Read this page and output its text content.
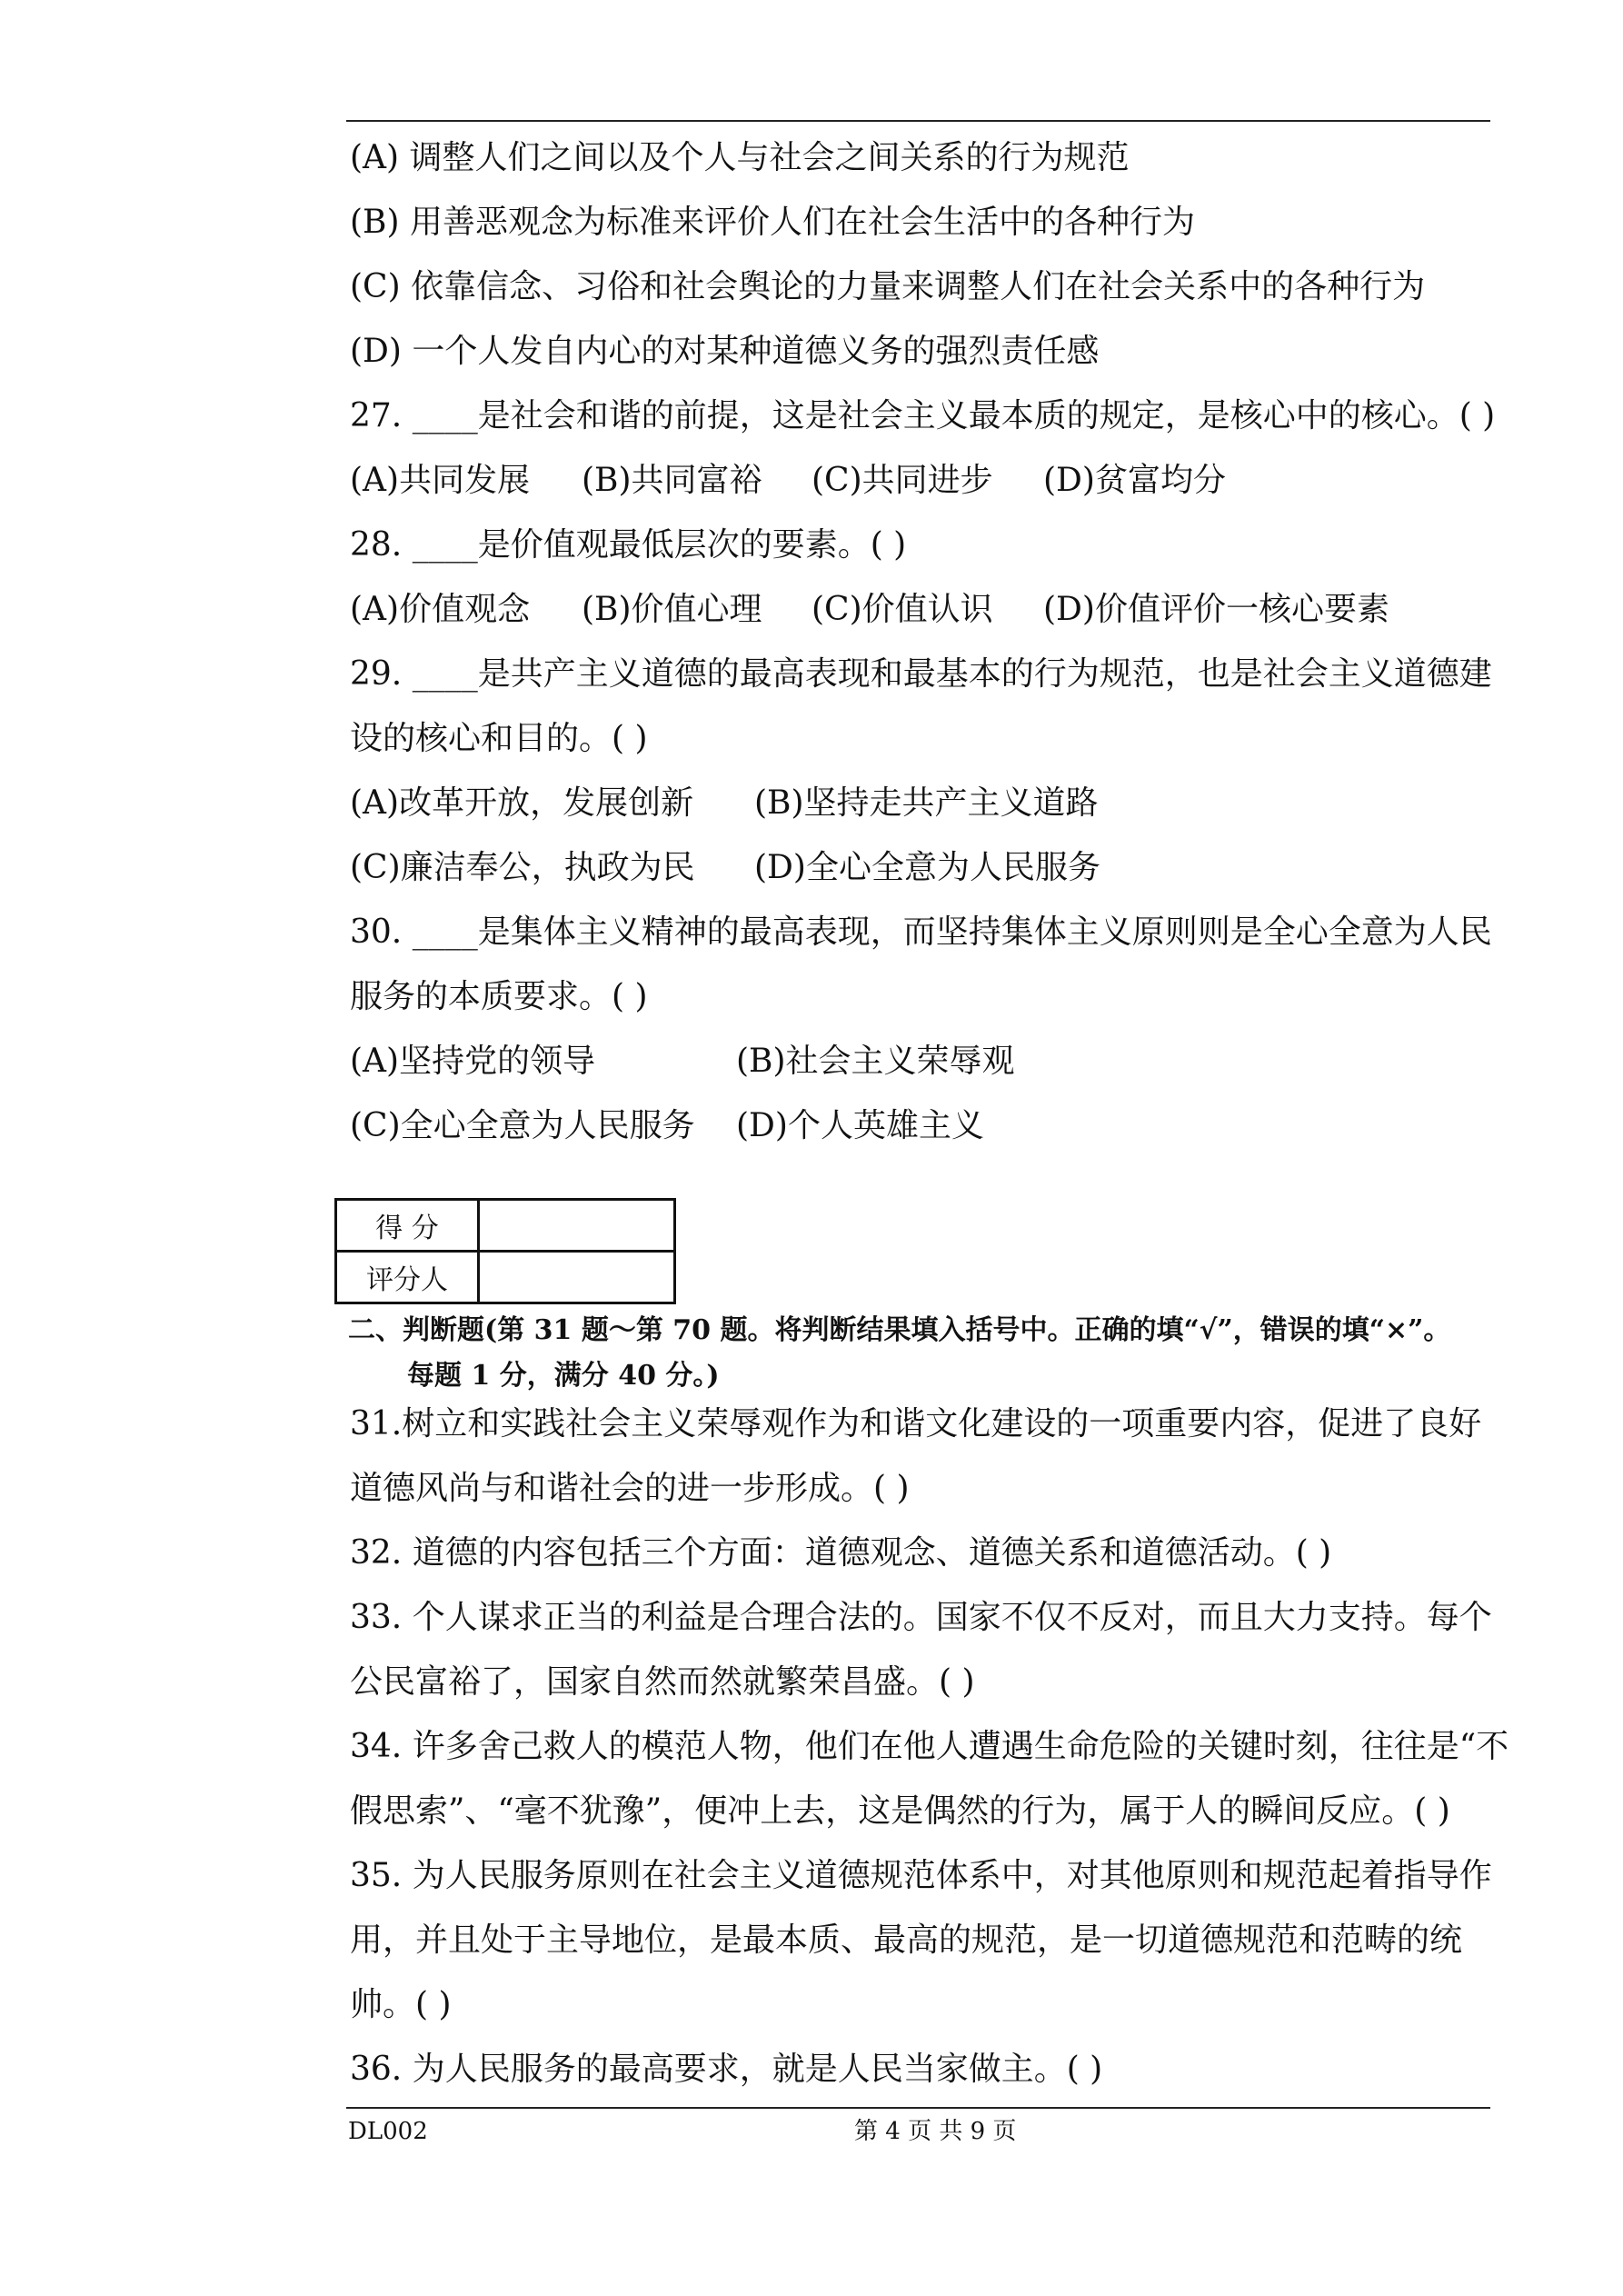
(A) 调整人们之间以及个人与社会之间关系的行为规范
(B) 用善恶观念为标准来评价人们在社会生活中的各种行为
(C) 依靠信念、习俗和社会舆论的力量来调整人们在社会关系中的各种行为
(D) 一个人发自内心的对某种道德义务的强烈责任感
27. ____是社会和谐的前提，这是社会主义最本质的规定，是核心中的核心。( )
(A)共同发展 (B)共同富裕 (C)共同进步 (D)贫富均分
28. ____是价值观最低层次的要素。( )
(A)价值观念 (B)价值心理 (C)价值认识 (D)价值评价一核心要素
29. ____是共产主义道德的最高表现和最基本的行为规范，也是社会主义道德建
设的核心和目的。( )
(A)改革开放，发展创新 (B)坚持走共产主义道路
(C)廉洁奉公，执政为民 (D)全心全意为人民服务
30. ____是集体主义精神的最高表现，而坚持集体主义原则则是全心全意为人民
服务的本质要求。( )
(A)坚持党的领导	(B)社会主义荣辱观
(C)全心全意为人民服务 (D)个人英雄主义
得 分	
评分人	
二、判断题(第 31 题～第 70 题。将判断结果填入括号中。正确的填“√”，错误的填“×”。
每题 1 分，满分 40 分。)
31.树立和实践社会主义荣辱观作为和谐文化建设的一项重要内容，促进了良好
道德风尚与和谐社会的进一步形成。( )
32. 道德的内容包括三个方面：道德观念、道德关系和道德活动。( )
33. 个人谋求正当的利益是合理合法的。国家不仅不反对，而且大力支持。每个
公民富裕了，国家自然而然就繁荣昌盛。( )
34. 许多舍己救人的模范人物，他们在他人遭遇生命危险的关键时刻，往往是“不
假思索”、“毫不犹豫”，便冲上去，这是偶然的行为，属于人的瞬间反应。( )
35. 为人民服务原则在社会主义道德规范体系中，对其他原则和规范起着指导作
用，并且处于主导地位，是最本质、最高的规范，是一切道德规范和范畴的统
帅。( )
36. 为人民服务的最高要求，就是人民当家做主。( )
DL002	第 4 页 共 9 页
